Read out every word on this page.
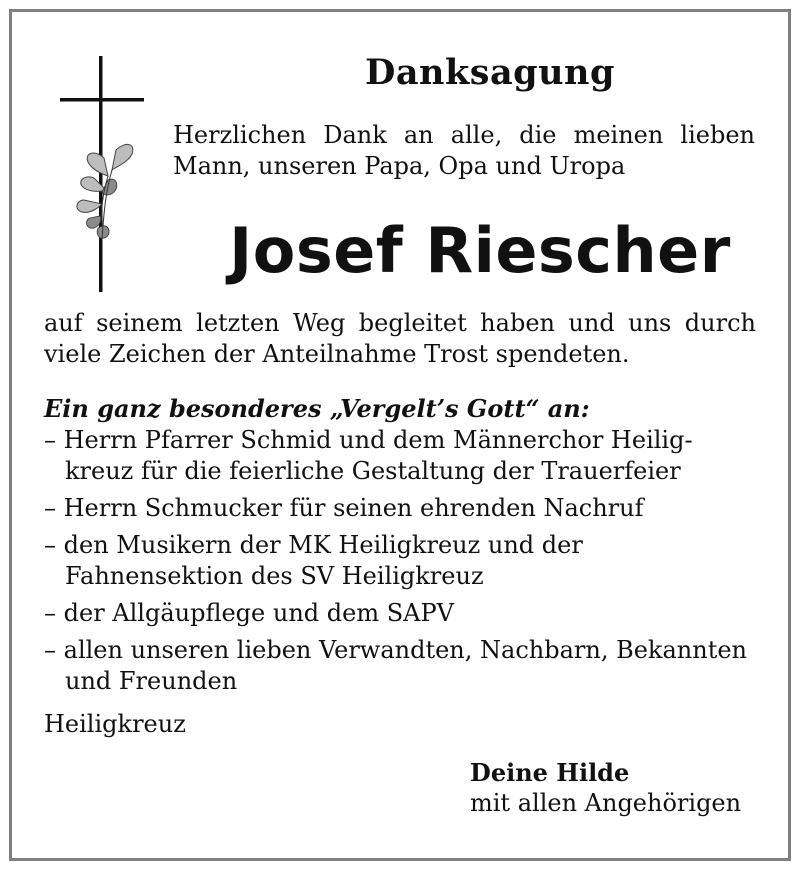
Danksagung
Herzlichen Dank an alle, die meinen lieben Mann, unseren Papa, Opa und Uropa
Josef Riescher
auf seinem letzten Weg begleitet haben und uns durch viele Zeichen der Anteilnahme Trost spendeten.
Ein ganz besonderes „Vergelt’s Gott“ an:
– Herrn Pfarrer Schmid und dem Männerchor Heilig-kreuz für die feierliche Gestaltung der Trauerfeier
– Herrn Schmucker für seinen ehrenden Nachruf
– den Musikern der MK Heiligkreuz und der Fahnensektion des SV Heiligkreuz
– der Allgäupflege und dem SAPV
– allen unseren lieben Verwandten, Nachbarn, Bekannten und Freunden
Heiligkreuz
Deine Hilde
mit allen Angehörigen
